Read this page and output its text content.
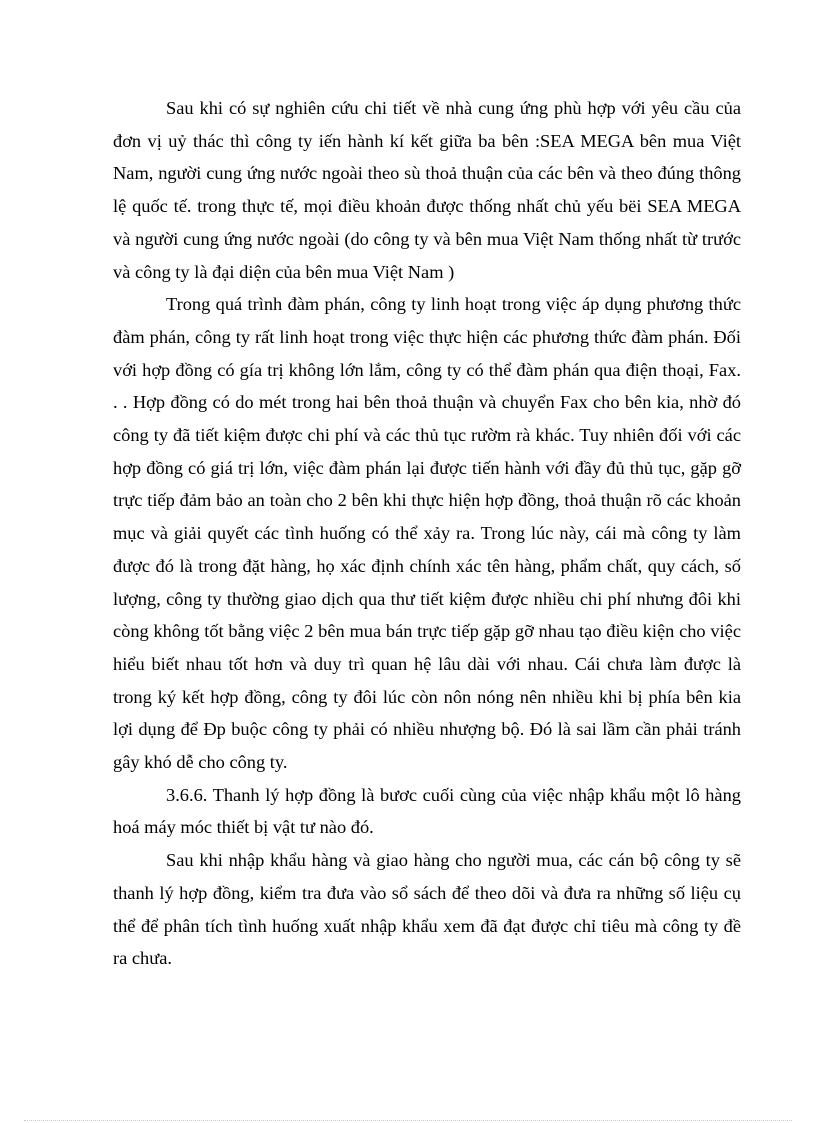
Sau khi có sự nghiên cứu chi tiết về nhà cung ứng phù hợp với yêu cầu của đơn vị uỷ thác thì công ty iến hành kí kết giữa ba bên :SEA MEGA bên mua Việt Nam, người cung ứng nước ngoài theo sù thoả thuận của các bên và theo đúng thông lệ quốc tế. trong thực tế, mọi điều khoản được thống nhất chủ yếu bëi SEA MEGA và người cung ứng nước ngoài (do công ty và bên mua Việt Nam thống nhất từ trước và công ty là đại diện của bên mua Việt Nam )

Trong quá trình đàm phán, công ty linh hoạt trong việc áp dụng phương thức đàm phán, công ty rất linh hoạt trong việc thực hiện các phương thức đàm phán. Đối với hợp đồng có gía trị không lớn lắm, công ty có thể đàm phán qua điện thoại, Fax. . . Hợp đồng có do mét trong hai bên thoả thuận và chuyển Fax cho bên kia, nhờ đó công ty đã tiết kiệm được chi phí và các thủ tục rườm rà khác. Tuy nhiên đối với các hợp đồng có giá trị lớn, việc đàm phán lại được tiến hành với đầy đủ thủ tục, gặp gỡ trực tiếp đảm bảo an toàn cho 2 bên khi thực hiện hợp đồng, thoả thuận rõ các khoản mục và giải quyết các tình huống có thể xảy ra. Trong lúc này, cái mà công ty làm được đó là trong đặt hàng, họ xác định chính xác tên hàng, phẩm chất, quy cách, số lượng, công ty thường giao dịch qua thư tiết kiệm được nhiều chi phí nhưng đôi khi còng không tốt bằng việc 2 bên mua bán trực tiếp gặp gỡ nhau tạo điều kiện cho việc hiểu biết nhau tốt hơn và duy trì quan hệ lâu dài với nhau. Cái chưa làm được là trong ký kết hợp đồng, công ty đôi lúc còn nôn nóng nên nhiều khi bị phía bên kia lợi dụng để Ðp buộc công ty phải có nhiều nhượng bộ. Đó là sai lầm cần phải tránh gây khó dễ cho công ty.

3.6.6. Thanh lý hợp đồng là bươc cuối cùng của việc nhập khẩu một lô hàng hoá máy móc thiết bị vật tư nào đó.

Sau khi nhập khẩu hàng và giao hàng cho người mua, các cán bộ công ty sẽ thanh lý hợp đồng, kiểm tra đưa vào sổ sách để theo dõi và đưa ra những số liệu cụ thể để phân tích tình huống xuất nhập khẩu xem đã đạt được chỉ tiêu mà công ty đề ra chưa.
